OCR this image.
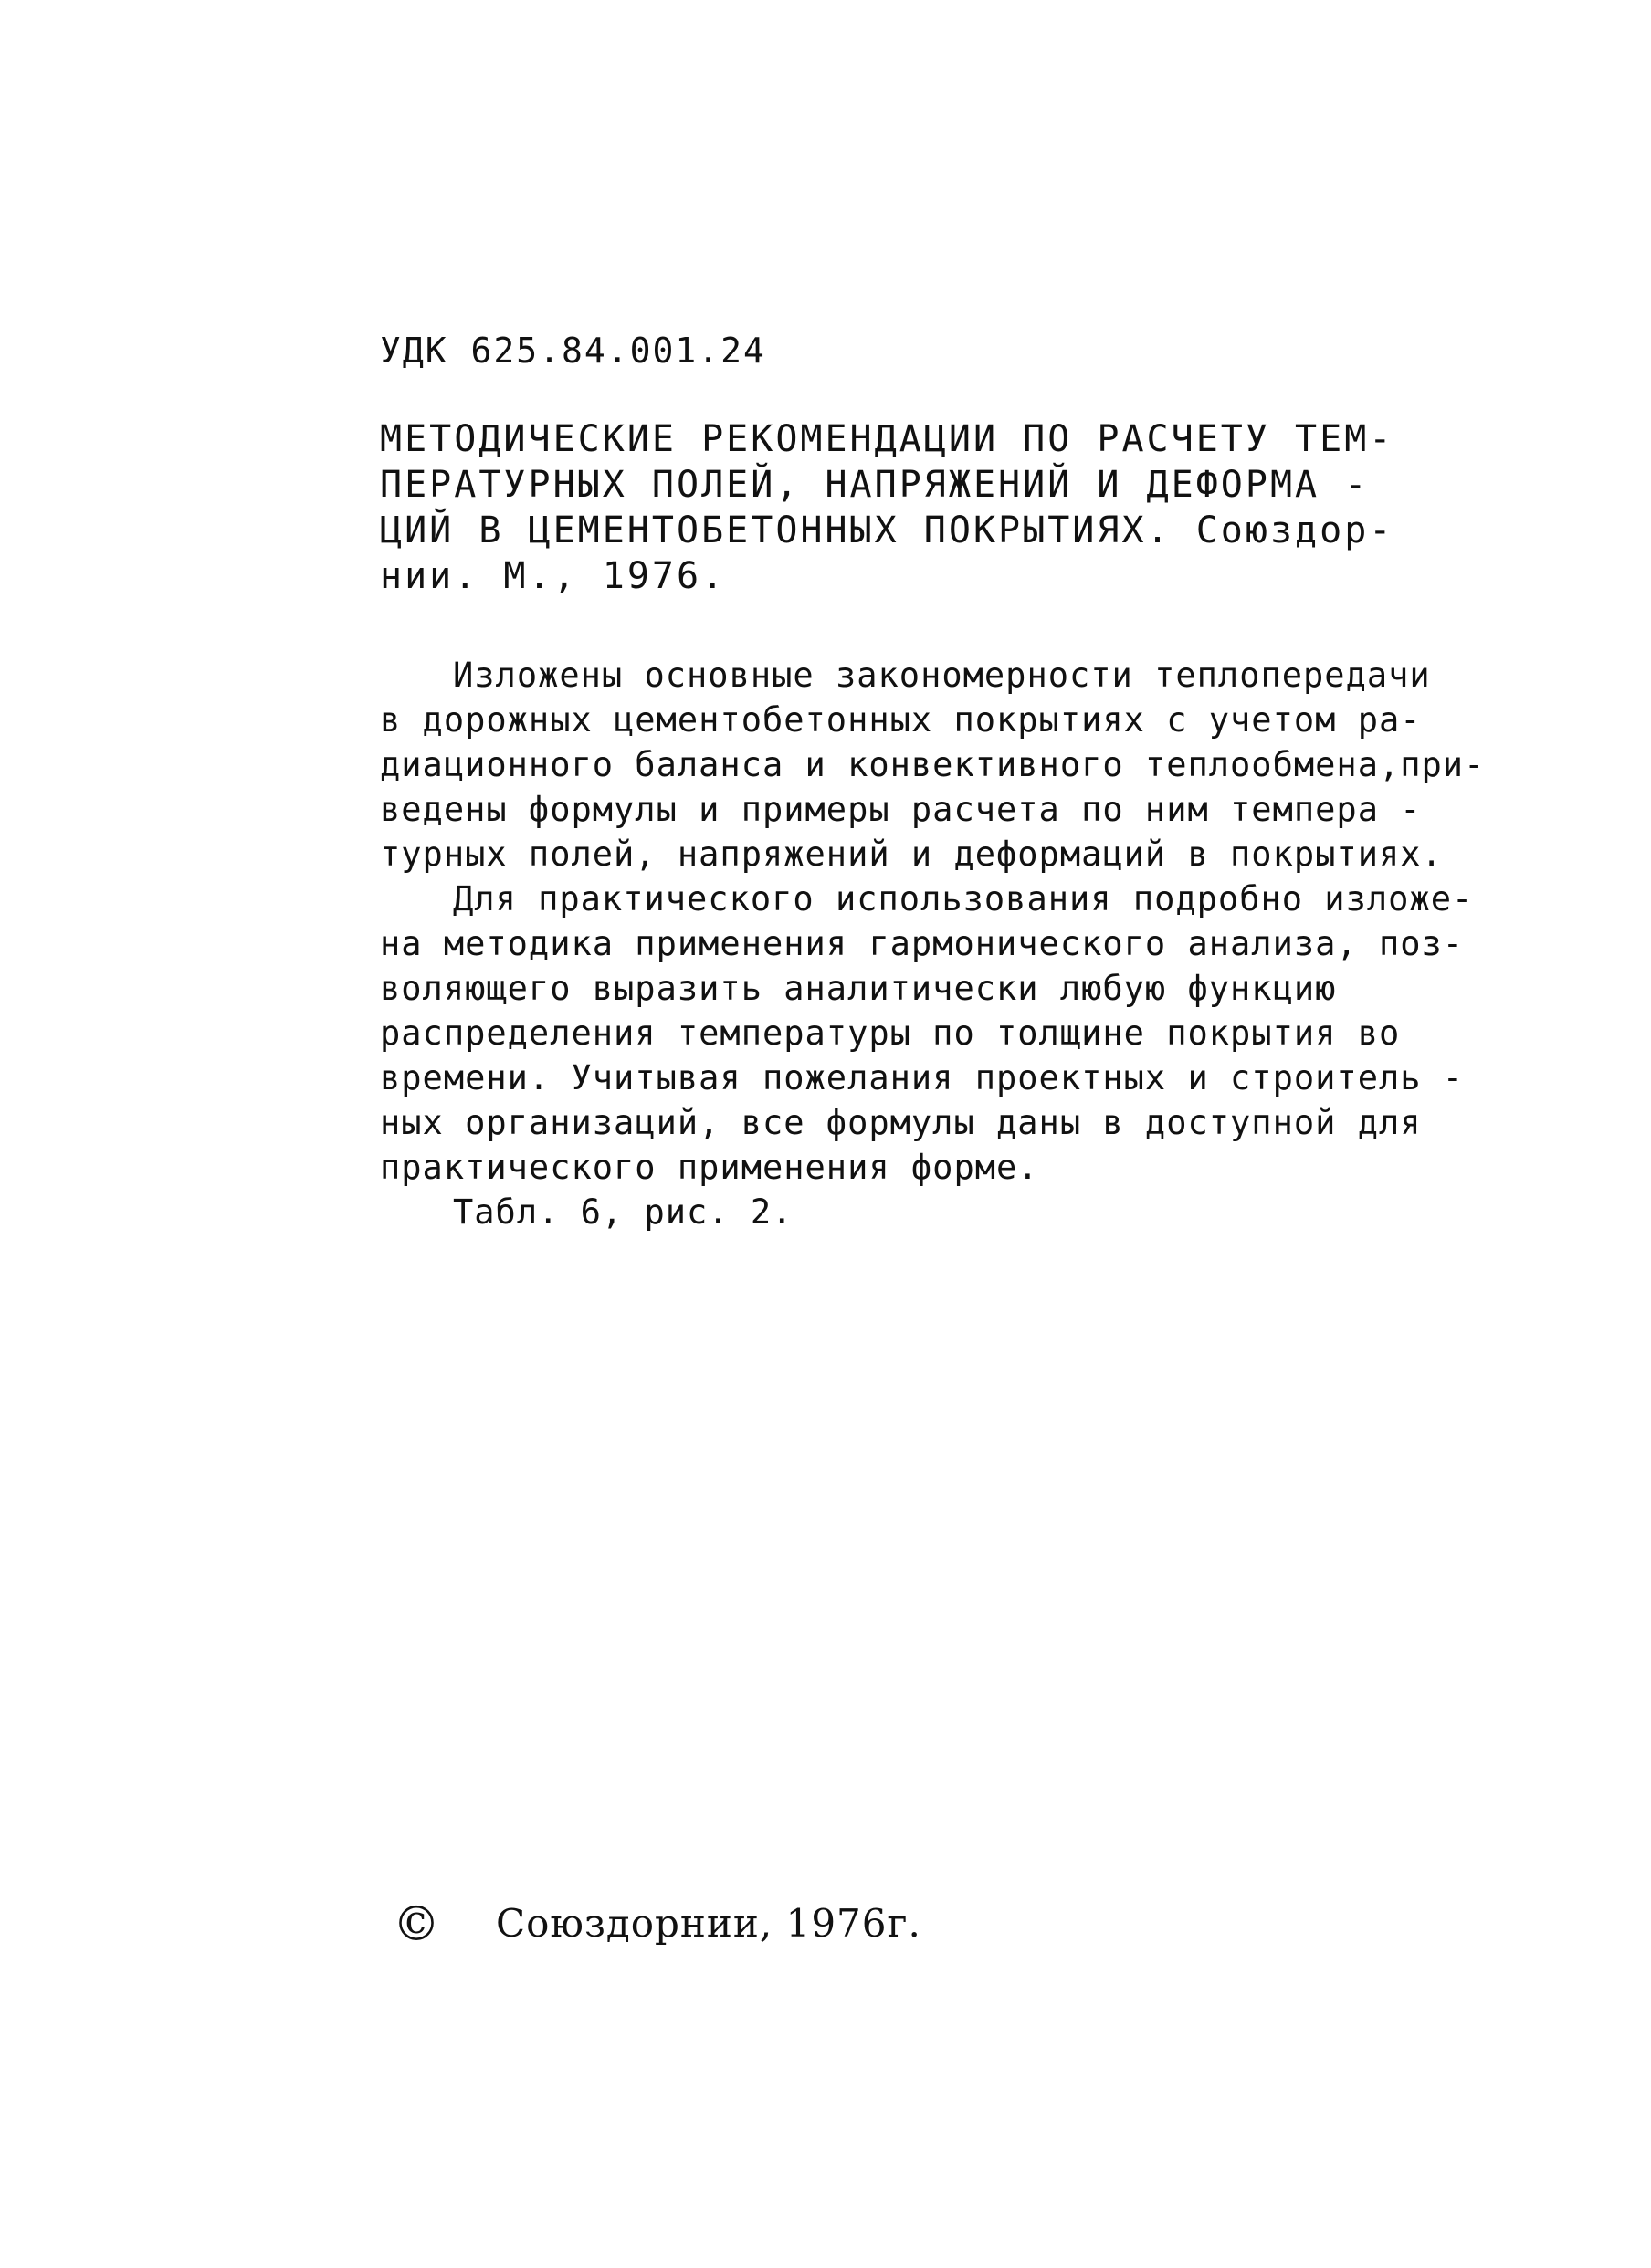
УДК 625.84.001.24
МЕТОДИЧЕСКИЕ РЕКОМЕНДАЦИИ ПО РАСЧЕТУ ТЕМ-
ПЕРАТУРНЫХ ПОЛЕЙ, НАПРЯЖЕНИЙ И ДЕФОРМА -
ЦИЙ В ЦЕМЕНТОБЕТОННЫХ ПОКРЫТИЯХ. Союздор-
нии. М., 1976.
Изложены основные закономерности теплопередачи
в дорожных цементобетонных покрытиях с учетом ра-
диационного баланса и конвективного теплообмена,при-
ведены формулы и примеры расчета по ним темпера -
турных полей, напряжений и деформаций в покрытиях.
Для практического использования подробно изложе-
на методика применения гармонического анализа, поз-
воляющего выразить аналитически любую функцию
распределения температуры по толщине покрытия во
времени. Учитывая пожелания проектных и строитель -
ных организаций, все формулы даны в доступной для
практического применения форме.
Табл. 6, рис. 2.
© Союздорнии, 1976г.
